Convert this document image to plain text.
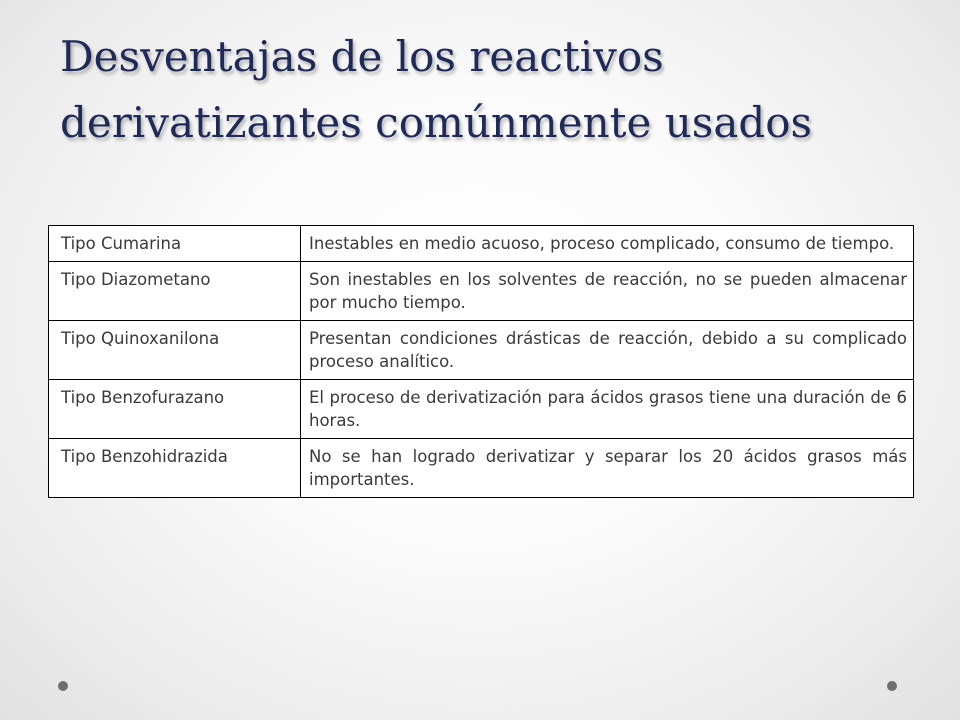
Desventajas de los reactivos
derivatizantes comúnmente usados
Tipo Cumarina	Inestables en medio acuoso, proceso complicado, consumo de tiempo.
Tipo Diazometano	Son inestables en los solventes de reacción, no se pueden almacenar por mucho tiempo.
Tipo Quinoxanilona	Presentan condiciones drásticas de reacción, debido a su complicado proceso analítico.
Tipo Benzofurazano	El proceso de derivatización para ácidos grasos tiene una duración de 6 horas.
Tipo Benzohidrazida	No se han logrado derivatizar y separar los 20 ácidos grasos más importantes.
